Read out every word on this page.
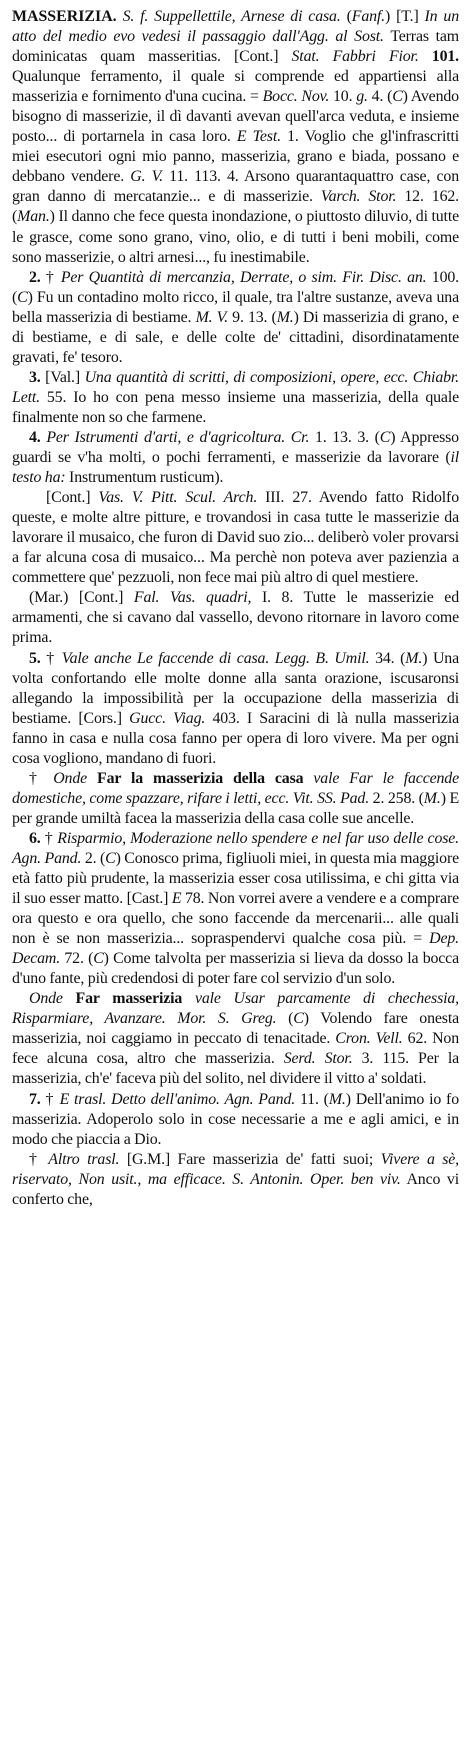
MASSERIZIA. S. f. Suppellettile, Arnese di casa. (Fanf.) [T.] In un atto del medio evo vedesi il passaggio dall'Agg. al Sost. Terras tam dominicatas quam masseritias. [Cont.] Stat. Fabbri Fior. 101. Qualunque ferramento, il quale si comprende ed appartiensi alla masserizia e fornimento d'una cucina. = Bocc. Nov. 10. g. 4. (C) Avendo bisogno di masserizie, il dì davanti avevan quell'arca veduta, e insieme posto... di portarnela in casa loro. E Test. 1. Voglio che gl'infrascritti miei esecutori ogni mio panno, masserizia, grano e biada, possano e debbano vendere. G. V. 11. 113. 4. Arsono quarantaquattro case, con gran danno di mercatanzie... e di masserizie. Varch. Stor. 12. 162. (Man.) Il danno che fece questa inondazione, o piuttosto diluvio, di tutte le grasce, come sono grano, vino, olio, e di tutti i beni mobili, come sono masserizie, o altri arnesi..., fu inestimabile.

2. † Per Quantità di mercanzia, Derrate, o sim. Fir. Disc. an. 100. (C) Fu un contadino molto ricco, il quale, tra l'altre sustanze, aveva una bella masserizia di bestiame. M. V. 9. 13. (M.) Di masserizia di grano, e di bestiame, e di sale, e delle colte de' cittadini, disordinatamente gravati, fe' tesoro.

3. [Val.] Una quantità di scritti, di composizioni, opere, ecc. Chiabr. Lett. 55. Io ho con pena messo insieme una masserizia, della quale finalmente non so che farmene.

4. Per Istrumenti d'arti, e d'agricoltura. Cr. 1. 13. 3. (C) Appresso guardi se v'ha molti, o pochi ferramenti, e masserizie da lavorare (il testo ha: Instrumentum rusticum).

[Cont.] Vas. V. Pitt. Scul. Arch. III. 27. Avendo fatto Ridolfo queste, e molte altre pitture, e trovandosi in casa tutte le masserizie da lavorare il musaico, che furon di David suo zio... deliberò voler provarsi a far alcuna cosa di musaico... Ma perchè non poteva aver pazienzia a commettere que' pezzuoli, non fece mai più altro di quel mestiere.

(Mar.) [Cont.] Fal. Vas. quadri, I. 8. Tutte le masserizie ed armamenti, che si cavano dal vassello, devono ritornare in lavoro come prima.

5. † Vale anche Le faccende di casa. Legg. B. Umil. 34. (M.) Una volta confortando elle molte donne alla santa orazione, iscusaronsi allegando la impossibilità per la occupazione della masserizia di bestiame. [Cors.] Gucc. Viag. 403. I Saracini di là nulla masserizia fanno in casa e nulla cosa fanno per opera di loro vivere. Ma per ogni cosa vogliono, mandano di fuori.

† Onde Far la masserizia della casa vale Far le faccende domestiche, come spazzare, rifare i letti, ecc. Vit. SS. Pad. 2. 258. (M.) E per grande umiltà facea la masserizia della casa colle sue ancelle.

6. † Risparmio, Moderazione nello spendere e nel far uso delle cose. Agn. Pand. 2. (C) Conosco prima, figliuoli miei, in questa mia maggiore età fatto più prudente, la masserizia esser cosa utilissima, e chi gitta via il suo esser matto. [Cast.] E 78. Non vorrei avere a vendere e a comprare ora questo e ora quello, che sono faccende da mercenarii... alle quali non è se non masserizia... sopraspendervi qualche cosa più. = Dep. Decam. 72. (C) Come talvolta per masserizia si lieva da dosso la bocca d'uno fante, più credendosi di poter fare col servizio d'un solo.

Onde Far masserizia vale Usar parcamente di chechessia, Risparmiare, Avanzare. Mor. S. Greg. (C) Volendo fare onesta masserizia, noi caggiamo in peccato di tenacitade. Cron. Vell. 62. Non fece alcuna cosa, altro che masserizia. Serd. Stor. 3. 115. Per la masserizia, ch'e' faceva più del solito, nel dividere il vitto a' soldati.

7. † E trasl. Detto dell'animo. Agn. Pand. 11. (M.) Dell'animo io fo masserizia. Adoperolo solo in cose necessarie a me e agli amici, e in modo che piaccia a Dio.

† Altro trasl. [G.M.] Fare masserizia de' fatti suoi; Vivere a sè, riservato, Non usit., ma efficace. S. Antonin. Oper. ben viv. Anco vi conferto che,
